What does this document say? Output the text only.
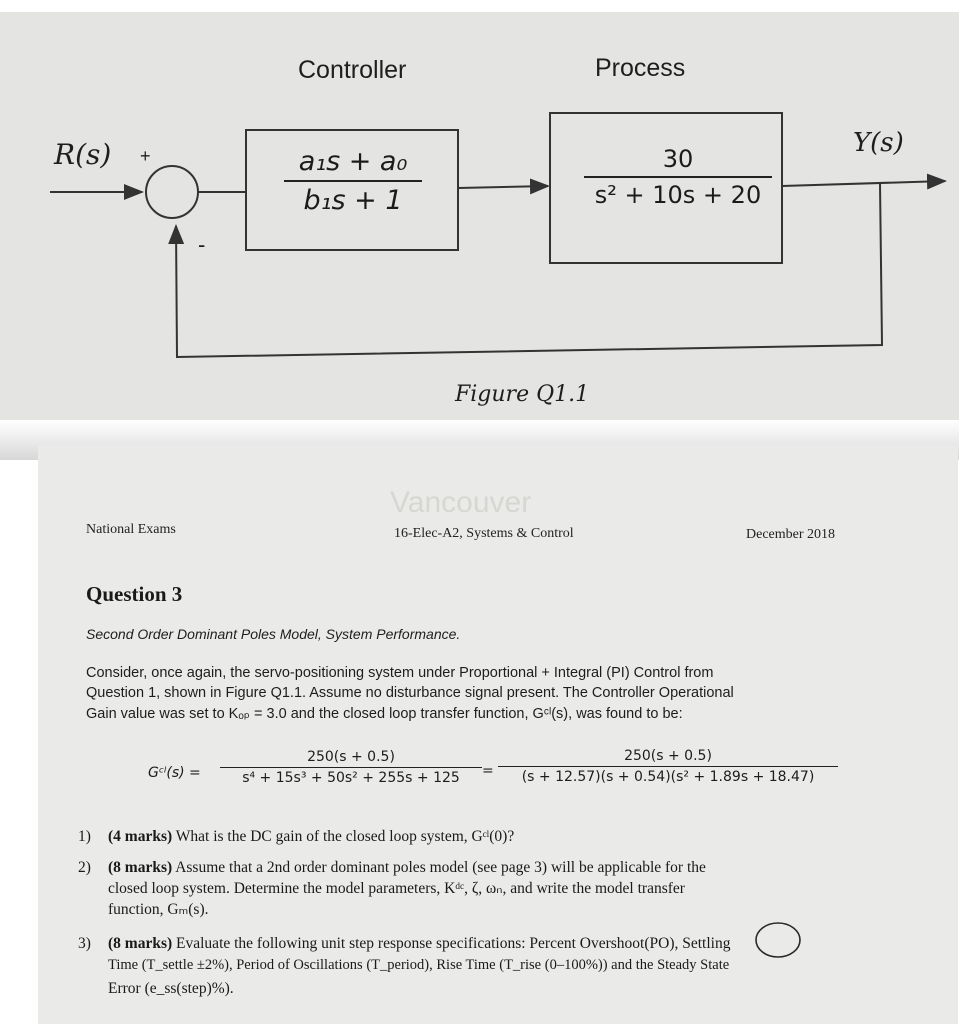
Controller	Process
R(s) +
-
Y(s)
a₁s + a₀
b₁s + 1
30
s² + 10s + 20
Figure Q1.1
Vancouver
National Exams	16-Elec-A2, Systems & Control	December 2018
Question 3
Second Order Dominant Poles Model, System Performance.
Consider, once again, the servo-positioning system under Proportional + Integral (PI) Control from
Question 1, shown in Figure Q1.1. Assume no disturbance signal present. The Controller Operational
Gain value was set to Kₒₚ = 3.0 and the closed loop transfer function, Gᶜˡ(s), was found to be:
Gᶜˡ(s) =
250(s + 0.5)
s⁴ + 15s³ + 50s² + 255s + 125	=
250(s + 0.5)
(s + 12.57)(s + 0.54)(s² + 1.89s + 18.47)
1) (4 marks) What is the DC gain of the closed loop system, Gᶜˡ(0)?
2) (8 marks) Assume that a 2nd order dominant poles model (see page 3) will be applicable for the
closed loop system. Determine the model parameters, Kᵈᶜ, ζ, ωₙ, and write the model transfer
function, Gₘ(s).
3) (8 marks) Evaluate the following unit step response specifications: Percent Overshoot(PO), Settling
Time (T_settle ±2%), Period of Oscillations (T_period), Rise Time (T_rise (0–100%)) and the Steady State
Error (e_ss(step)%).
